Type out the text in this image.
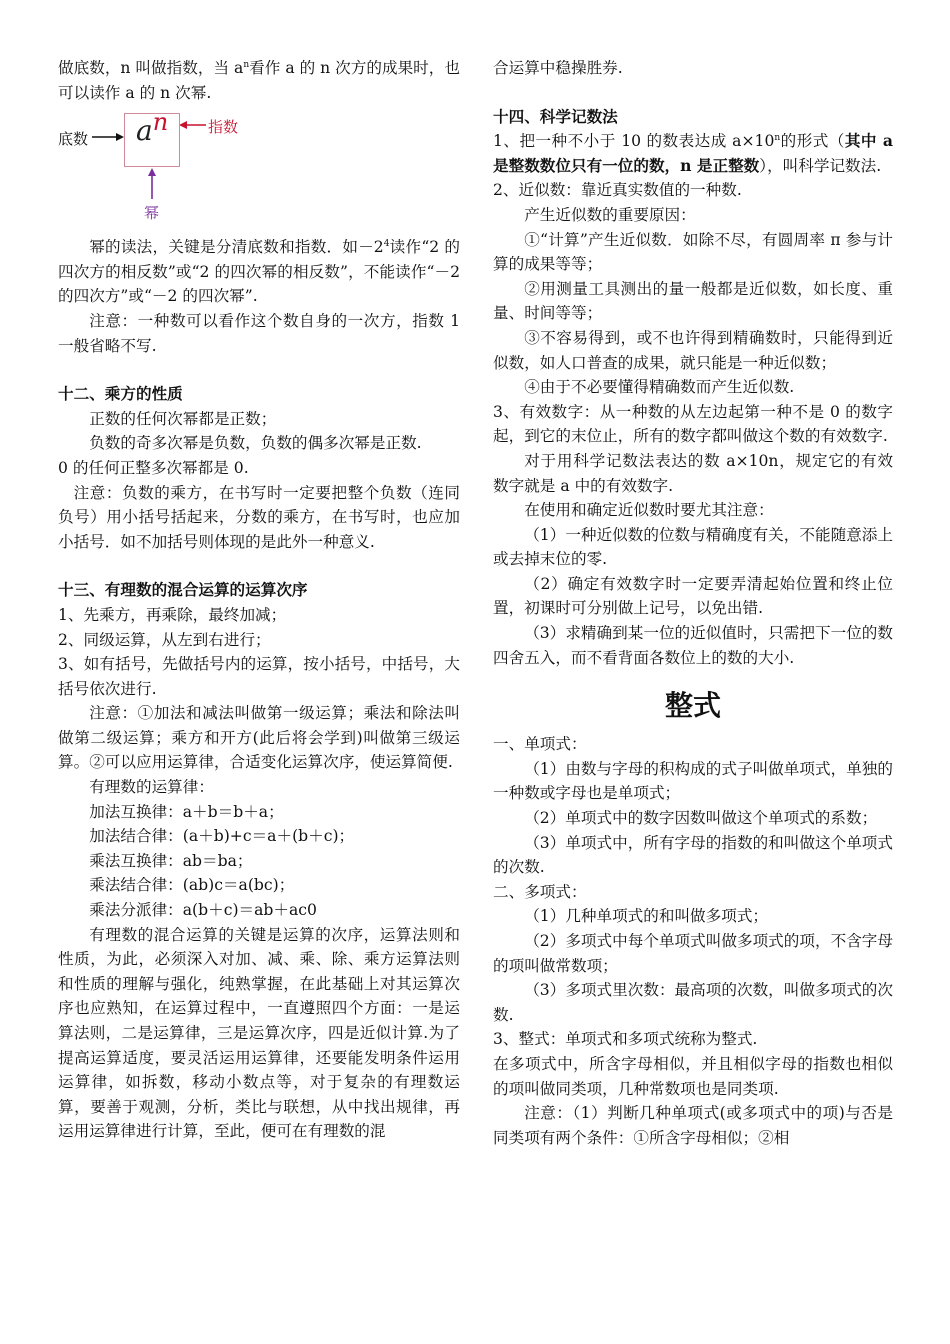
做底数，n 叫做指数，当 $a^n$看作 a 的 n 次方的成果时，也可以读作 a 的 n 次幂.

an
底数
指数
幂

幂的读法，关键是分清底数和指数．如$-2^4$读作“2 的四次方的相反数”或“2 的四次幂的相反数”，不能读作“－2 的四次方”或“－2 的四次幂”.

注意：一种数可以看作这个数自身的一次方，指数 1 一般省略不写.

十二、乘方的性质

正数的任何次幂都是正数；

负数的奇多次幂是负数，负数的偶多次幂是正数.

0 的任何正整多次幂都是 0.

注意：负数的乘方，在书写时一定要把整个负数（连同负号）用小括号括起来，分数的乘方，在书写时，也应加小括号．如不加括号则体现的是此外一种意义.

十三、有理数的混合运算的运算次序

1、先乘方，再乘除，最终加减；

2、同级运算，从左到右进行；

3、如有括号，先做括号内的运算，按小括号，中括号，大括号依次进行.

注意：①加法和减法叫做第一级运算；乘法和除法叫做第二级运算；乘方和开方(此后将会学到)叫做第三级运算。②可以应用运算律，合适变化运算次序，使运算简便.

有理数的运算律：

加法互换律：a＋b＝b＋a；

加法结合律：(a＋b)+c＝a＋(b＋c)；

乘法互换律：ab＝ba；

乘法结合律：(ab)c＝a(bc)；

乘法分派律：a(b＋c)＝ab＋ac0

有理数的混合运算的关键是运算的次序，运算法则和性质，为此，必须深入对加、减、乘、除、乘方运算法则和性质的理解与强化，纯熟掌握，在此基础上对其运算次序也应熟知，在运算过程中，一直遵照四个方面：一是运算法则，二是运算律，三是运算次序，四是近似计算.为了提高运算适度，要灵活运用运算律，还要能发明条件运用运算律，如拆数，移动小数点等，对于复杂的有理数运算，要善于观测，分析，类比与联想，从中找出规律，再运用运算律进行计算，至此，便可在有理数的混

合运算中稳操胜券.

十四、科学记数法

1、把一种不小于 10 的数表达成 $a\times 10^n$的形式（其中 a 是整数数位只有一位的数，n 是正整数），叫科学记数法.

2、近似数：靠近真实数值的一种数.

产生近似数的重要原因：

①“计算”产生近似数．如除不尽，有圆周率 π 参与计算的成果等等；

②用测量工具测出的量一般都是近似数，如长度、重量、时间等等；

③不容易得到，或不也许得到精确数时，只能得到近似数，如人口普查的成果，就只能是一种近似数；

④由于不必要懂得精确数而产生近似数.

3、有效数字：从一种数的从左边起第一种不是 0 的数字起，到它的末位止，所有的数字都叫做这个数的有效数字.

对于用科学记数法表达的数 a×10n，规定它的有效数字就是 a 中的有效数字.

在使用和确定近似数时要尤其注意：

（1）一种近似数的位数与精确度有关，不能随意添上或去掉末位的零.

（2）确定有效数字时一定要弄清起始位置和终止位置，初课时可分别做上记号，以免出错.

（3）求精确到某一位的近似值时，只需把下一位的数四舍五入，而不看背面各数位上的数的大小.

整式

一、单项式：

（1）由数与字母的积构成的式子叫做单项式，单独的一种数或字母也是单项式；

（2）单项式中的数字因数叫做这个单项式的系数；

（3）单项式中，所有字母的指数的和叫做这个单项式的次数.

二、多项式：

（1）几种单项式的和叫做多项式；

（2）多项式中每个单项式叫做多项式的项，不含字母的项叫做常数项；

（3）多项式里次数：最高项的次数，叫做多项式的次数.

3、整式：单项式和多项式统称为整式.

在多项式中，所含字母相似，并且相似字母的指数也相似的项叫做同类项，几种常数项也是同类项.

注意：（1）判断几种单项式(或多项式中的项)与否是同类项有两个条件：①所含字母相似；②相
